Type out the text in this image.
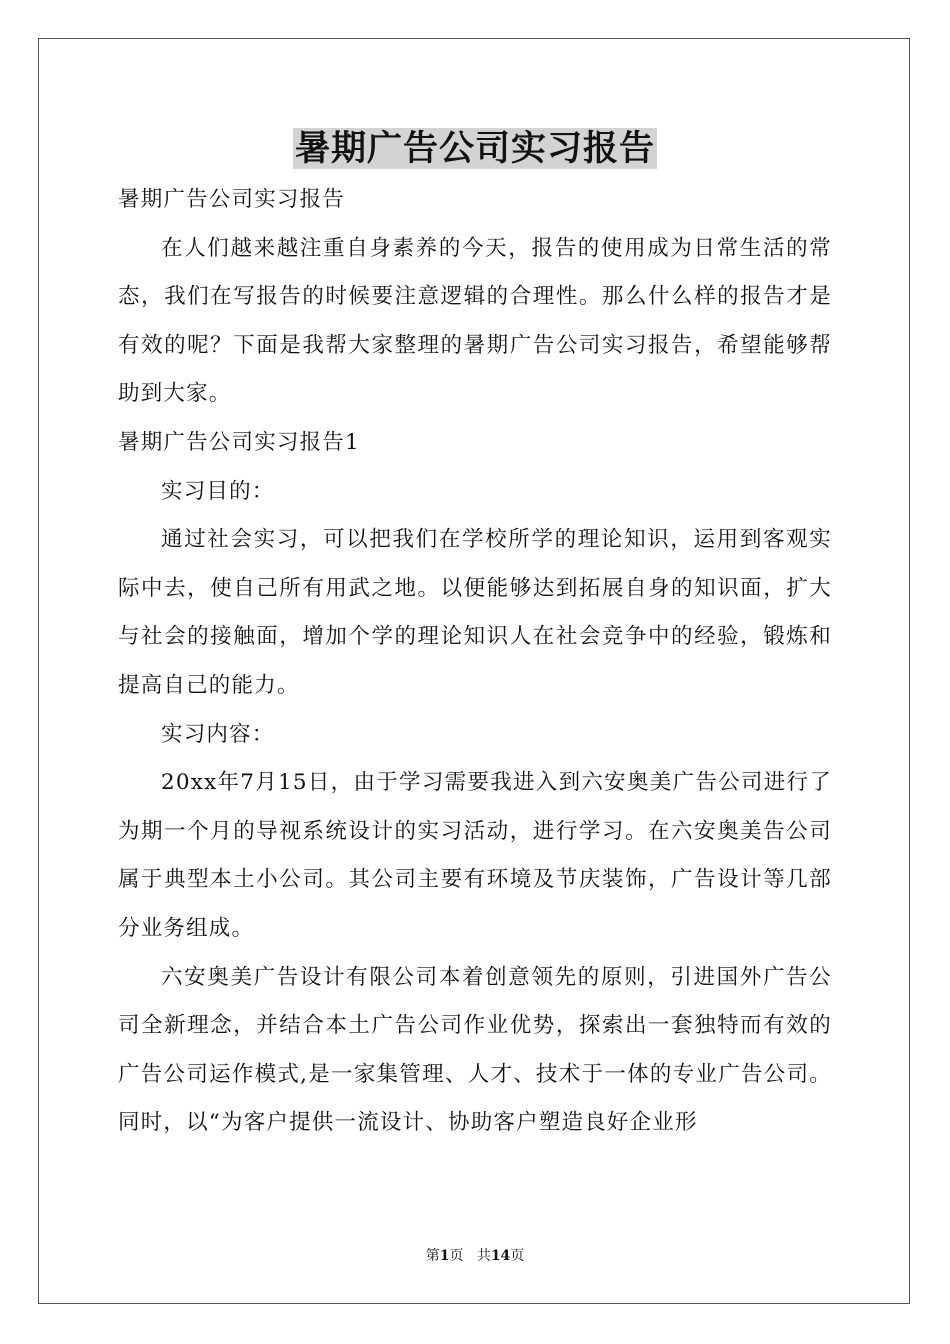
暑期广告公司实习报告

暑期广告公司实习报告

在人们越来越注重自身素养的今天，报告的使用成为日常生活的常态，我们在写报告的时候要注意逻辑的合理性。那么什么样的报告才是有效的呢？下面是我帮大家整理的暑期广告公司实习报告，希望能够帮助到大家。

暑期广告公司实习报告1

实习目的：

通过社会实习，可以把我们在学校所学的理论知识，运用到客观实际中去，使自己所有用武之地。以便能够达到拓展自身的知识面，扩大与社会的接触面，增加个学的理论知识人在社会竞争中的经验，锻炼和提高自己的能力。

实习内容：

20xx年7月15日，由于学习需要我进入到六安奥美广告公司进行了为期一个月的导视系统设计的实习活动，进行学习。在六安奥美告公司属于典型本土小公司。其公司主要有环境及节庆装饰，广告设计等几部分业务组成。

六安奥美广告设计有限公司本着创意领先的原则，引进国外广告公司全新理念，并结合本土广告公司作业优势，探索出一套独特而有效的广告公司运作模式,是一家集管理、人才、技术于一体的专业广告公司。同时，以“为客户提供一流设计、协助客户塑造良好企业形

第1页 共14页
